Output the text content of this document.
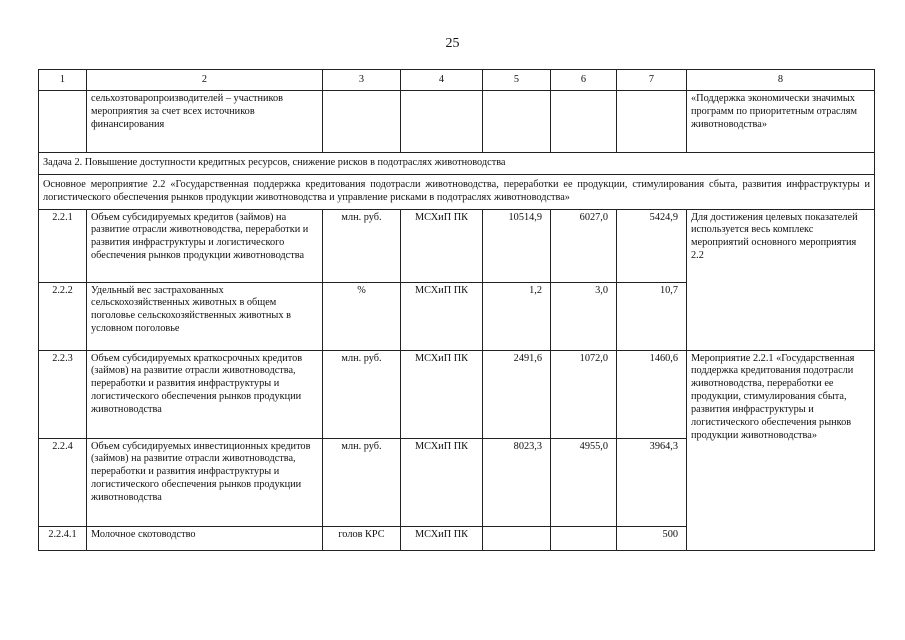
25
1	2	3	4	5	6	7	8
	сельхозтоваропроизводителей – участников мероприятия за счет всех источников финансирования						«Поддержка экономически значимых программ по приоритетным отраслям животноводства»
Задача 2. Повышение доступности кредитных ресурсов, снижение рисков в подотраслях животноводства							
Основное мероприятие 2.2 «Государственная поддержка кредитования подотрасли животноводства, переработки ее продукции, стимулирования сбыта, развития инфраструктуры и логистического обеспечения рынков продукции животноводства и управление рисками в подотраслях животноводства»							
2.2.1	Объем субсидируемых кредитов (займов) на развитие отрасли животноводства, переработки и развития инфраструктуры и логистического обеспечения рынков продукции животноводства	млн. руб.	МСХиП ПК	10514,9	6027,0	5424,9	Для достижения целевых показателей используется весь комплекс мероприятий основного мероприятия 2.2
2.2.2	Удельный вес застрахованных сельскохозяйственных животных в общем поголовье сельскохозяйственных животных в условном поголовье	%	МСХиП ПК	1,2	3,0	10,7	
2.2.3	Объем субсидируемых краткосрочных кредитов (займов) на развитие отрасли животноводства, переработки и развития инфраструктуры и логистического обеспечения рынков продукции животноводства	млн. руб.	МСХиП ПК	2491,6	1072,0	1460,6	Мероприятие 2.2.1 «Государственная поддержка кредитования подотрасли животноводства, переработки ее продукции, стимулирования сбыта, развития инфраструктуры и логистического обеспечения рынков продукции животноводства»
2.2.4	Объем субсидируемых инвестиционных кредитов (займов) на развитие отрасли животноводства, переработки и развития инфраструктуры и логистического обеспечения рынков продукции животноводства	млн. руб.	МСХиП ПК	8023,3	4955,0	3964,3	
2.2.4.1	Молочное скотоводство	голов КРС	МСХиП ПК			500	
